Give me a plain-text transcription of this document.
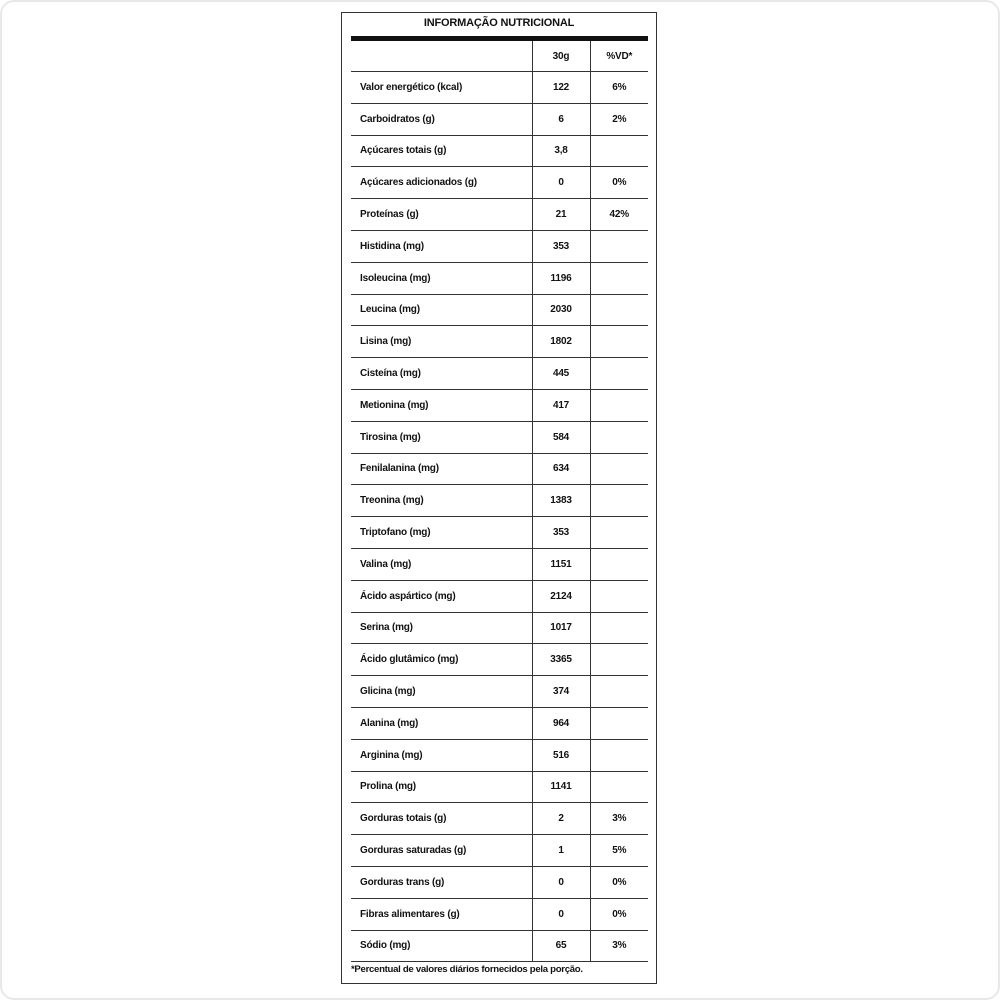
INFORMAÇÃO NUTRICIONAL
	30g	%VD*
Valor energético (kcal)	122	6%
Carboidratos (g)	6	2%
Açúcares totais (g)	3,8	
Açúcares adicionados (g)	0	0%
Proteínas (g)	21	42%
Histidina (mg)	353	
Isoleucina (mg)	1196	
Leucina (mg)	2030	
Lisina (mg)	1802	
Cisteína (mg)	445	
Metionina (mg)	417	
Tirosina (mg)	584	
Fenilalanina (mg)	634	
Treonina (mg)	1383	
Triptofano (mg)	353	
Valina (mg)	1151	
Ácido aspártico (mg)	2124	
Serina (mg)	1017	
Ácido glutâmico (mg)	3365	
Glicina (mg)	374	
Alanina (mg)	964	
Arginina (mg)	516	
Prolina (mg)	1141	
Gorduras totais (g)	2	3%
Gorduras saturadas (g)	1	5%
Gorduras trans (g)	0	0%
Fibras alimentares (g)	0	0%
Sódio (mg)	65	3%
*Percentual de valores diários fornecidos pela porção.
